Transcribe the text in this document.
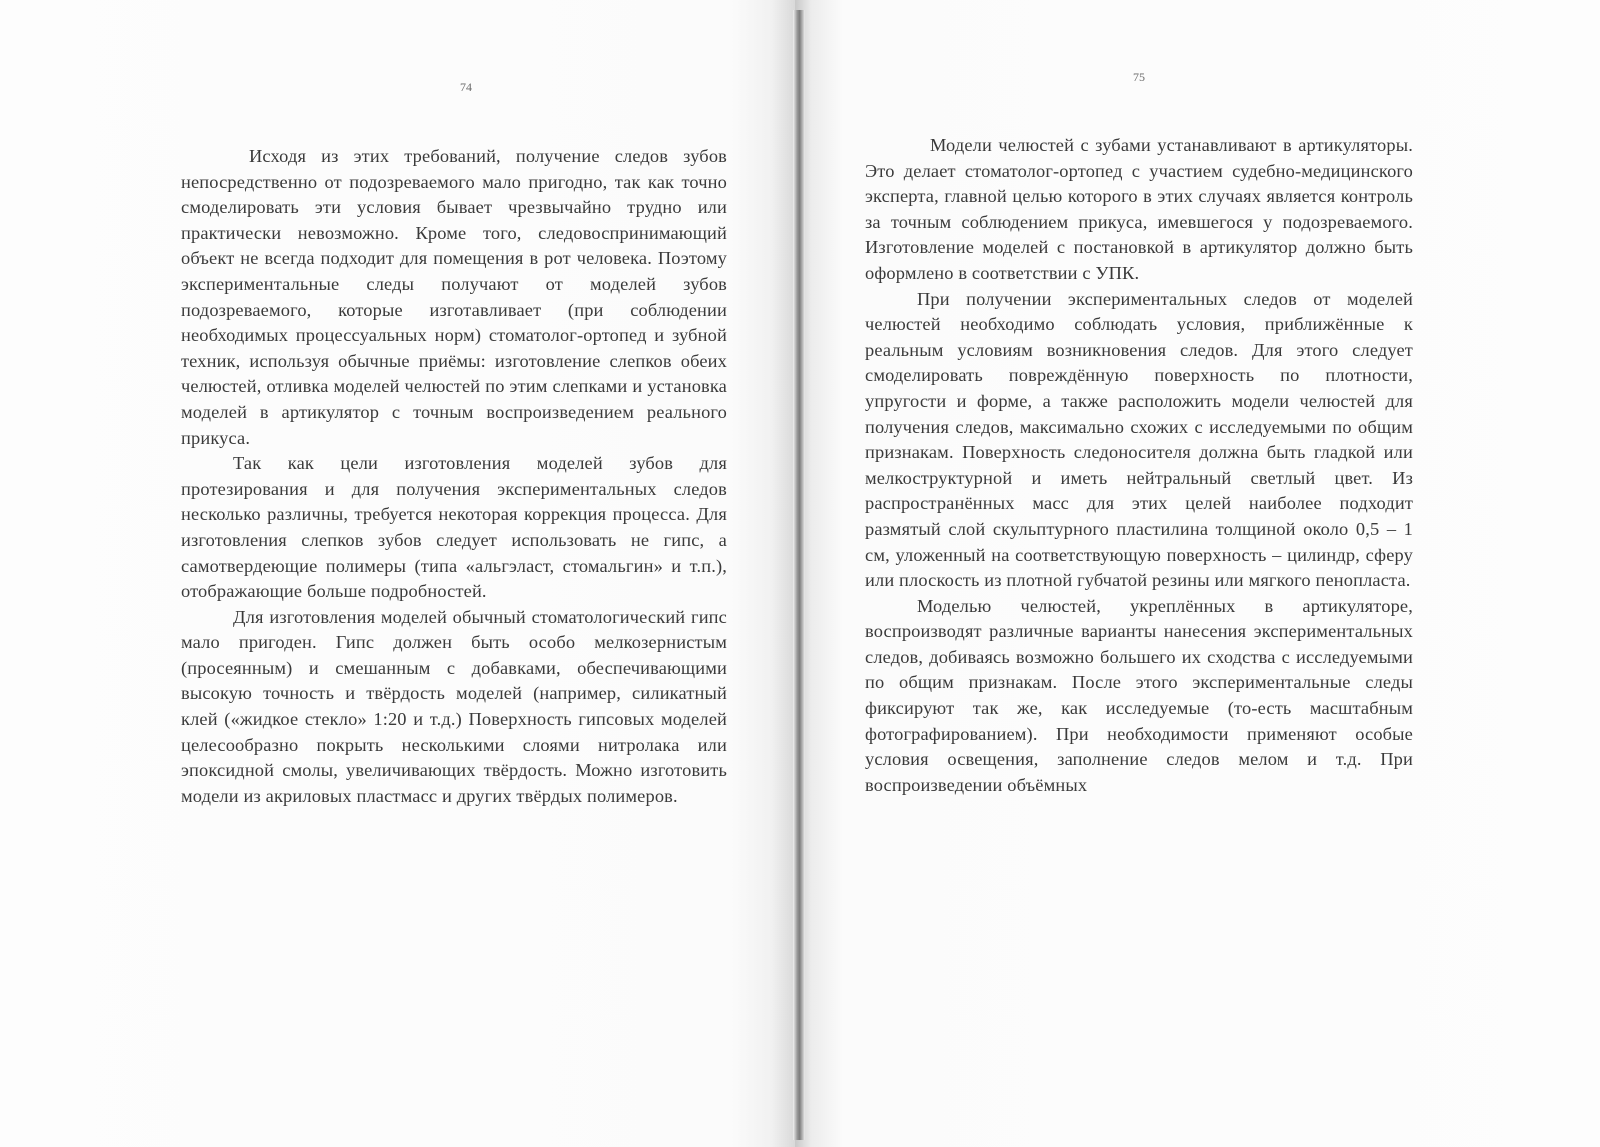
74

Исходя из этих требований, получение следов зубов непосредственно от подозреваемого мало пригодно, так как точно смоделировать эти условия бывает чрезвычайно трудно или практически невозможно. Кроме того, следовоспринимающий объект не всегда подходит для помещения в рот человека. Поэтому экспериментальные следы получают от моделей зубов подозреваемого, которые изготавливает (при соблюдении необходимых процессуальных норм) стоматолог-ортопед и зубной техник, используя обычные приёмы: изготовление слепков обеих челюстей, отливка моделей челюстей по этим слепками и установка моделей в артикулятор с точным воспроизведением реального прикуса.

Так как цели изготовления моделей зубов для протезирования и для получения экспериментальных следов несколько различны, требуется некоторая коррекция процесса. Для изготовления слепков зубов следует использовать не гипс, а самотвердеющие полимеры (типа «альгэласт, стомальгин» и т.п.), отображающие больше подробностей.

Для изготовления моделей обычный стоматологический гипс мало пригоден. Гипс должен быть особо мелкозернистым (просеянным) и смешанным с добавками, обеспечивающими высокую точность и твёрдость моделей (например, силикатный клей («жидкое стекло» 1:20 и т.д.) Поверхность гипсовых моделей целесообразно покрыть несколькими слоями нитролака или эпоксидной смолы, увеличивающих твёрдость. Можно изготовить модели из акриловых пластмасс и других твёрдых полимеров.

75

Модели челюстей с зубами устанавливают в артикуляторы. Это делает стоматолог-ортопед с участием судебно-медицинского эксперта, главной целью которого в этих случаях является контроль за точным соблюдением прикуса, имевшегося у подозреваемого. Изготовление моделей с постановкой в артикулятор должно быть оформлено в соответствии с УПК.

При получении экспериментальных следов от моделей челюстей необходимо соблюдать условия, приближённые к реальным условиям возникновения следов. Для этого следует смоделировать повреждённую поверхность по плотности, упругости и форме, а также расположить модели челюстей для получения следов, максимально схожих с исследуемыми по общим признакам. Поверхность следоносителя должна быть гладкой или мелкоструктурной и иметь нейтральный светлый цвет. Из распространённых масс для этих целей наиболее подходит размятый слой скульптурного пластилина толщиной около 0,5 – 1 см, уложенный на соответствующую поверхность – цилиндр, сферу или плоскость из плотной губчатой резины или мягкого пенопласта.

Моделью челюстей, укреплённых в артикуляторе, воспроизводят различные варианты нанесения экспериментальных следов, добиваясь возможно большего их сходства с исследуемыми по общим признакам. После этого экспериментальные следы фиксируют так же, как исследуемые (то-есть масштабным фотографированием). При необходимости применяют особые условия освещения, заполнение следов мелом и т.д. При воспроизведении объёмных
